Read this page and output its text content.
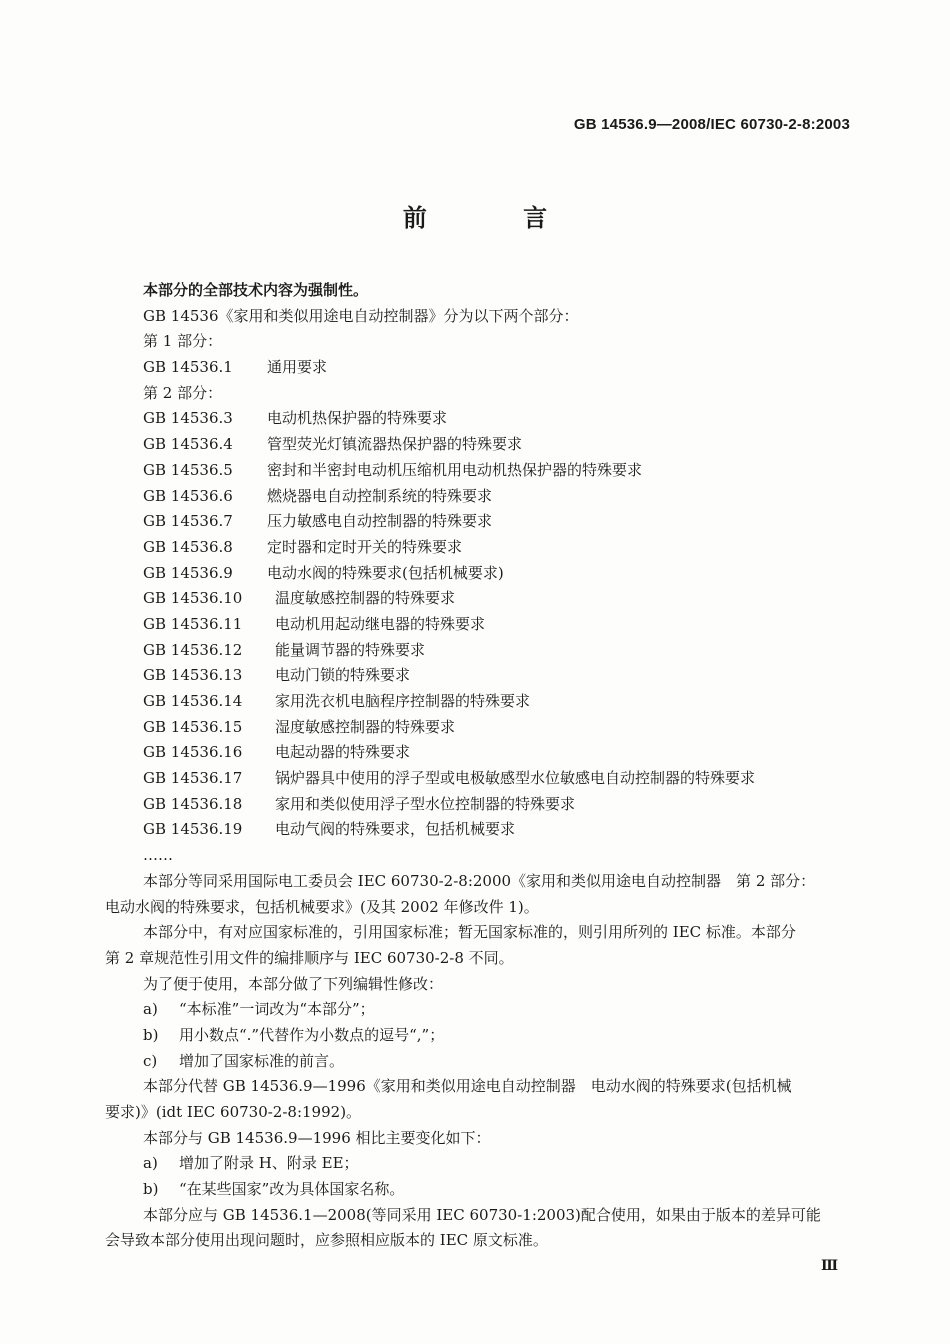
GB 14536.9—2008/IEC 60730-2-8:2003
前 言
本部分的全部技术内容为强制性。
GB 14536《家用和类似用途电自动控制器》分为以下两个部分：
第 1 部分：
GB 14536.1	通用要求
第 2 部分：
GB 14536.3	电动机热保护器的特殊要求
GB 14536.4	管型荧光灯镇流器热保护器的特殊要求
GB 14536.5	密封和半密封电动机压缩机用电动机热保护器的特殊要求
GB 14536.6	燃烧器电自动控制系统的特殊要求
GB 14536.7	压力敏感电自动控制器的特殊要求
GB 14536.8	定时器和定时开关的特殊要求
GB 14536.9	电动水阀的特殊要求(包括机械要求)
GB 14536.10	温度敏感控制器的特殊要求
GB 14536.11	电动机用起动继电器的特殊要求
GB 14536.12	能量调节器的特殊要求
GB 14536.13	电动门锁的特殊要求
GB 14536.14	家用洗衣机电脑程序控制器的特殊要求
GB 14536.15	湿度敏感控制器的特殊要求
GB 14536.16	电起动器的特殊要求
GB 14536.17	锅炉器具中使用的浮子型或电极敏感型水位敏感电自动控制器的特殊要求
GB 14536.18	家用和类似使用浮子型水位控制器的特殊要求
GB 14536.19	电动气阀的特殊要求，包括机械要求
……
本部分等同采用国际电工委员会 IEC 60730-2-8:2000《家用和类似用途电自动控制器　第 2 部分：
电动水阀的特殊要求，包括机械要求》(及其 2002 年修改件 1)。
本部分中，有对应国家标准的，引用国家标准；暂无国家标准的，则引用所列的 IEC 标准。本部分
第 2 章规范性引用文件的编排顺序与 IEC 60730-2-8 不同。
为了便于使用，本部分做了下列编辑性修改：
a)	“本标准”一词改为“本部分”；
b)	用小数点“.”代替作为小数点的逗号“,”；
c)	增加了国家标准的前言。
本部分代替 GB 14536.9—1996《家用和类似用途电自动控制器　电动水阀的特殊要求(包括机械
要求)》(idt IEC 60730-2-8:1992)。
本部分与 GB 14536.9—1996 相比主要变化如下：
a)	增加了附录 H、附录 EE；
b)	“在某些国家”改为具体国家名称。
本部分应与 GB 14536.1—2008(等同采用 IEC 60730-1:2003)配合使用，如果由于版本的差异可能
会导致本部分使用出现问题时，应参照相应版本的 IEC 原文标准。
Ⅲ
